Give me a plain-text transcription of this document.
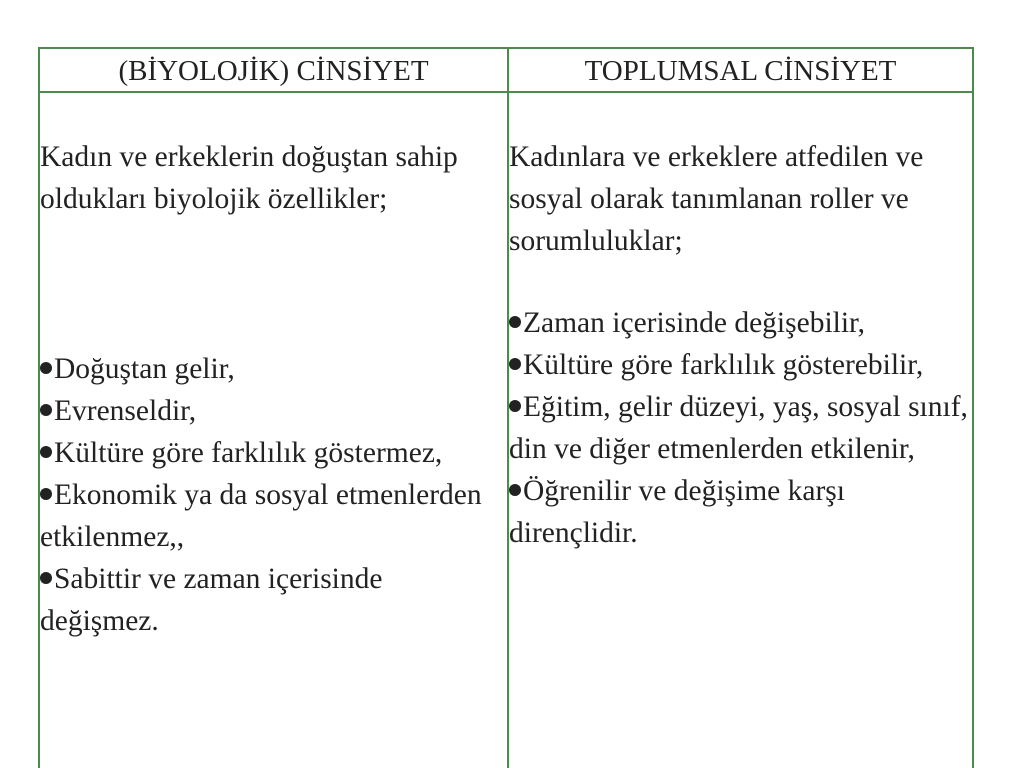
(BİYOLOJİK) CİNSİYET	TOPLUMSAL CİNSİYET
Kadın ve erkeklerin doğuştan sahip oldukları biyolojik özellikler;
Kadınlara ve erkeklere atfedilen ve sosyal olarak tanımlanan roller ve sorumluluklar;
Doğuştan gelir,
Evrenseldir,
Kültüre göre farklılık göstermez,
Ekonomik ya da sosyal etmenlerden etkilenmez,,
Sabittir ve zaman içerisinde değişmez.
Zaman içerisinde değişebilir,
Kültüre göre farklılık gösterebilir,
Eğitim, gelir düzeyi, yaş, sosyal sınıf, din ve diğer etmenlerden etkilenir,
Öğrenilir ve değişime karşı dirençlidir.
